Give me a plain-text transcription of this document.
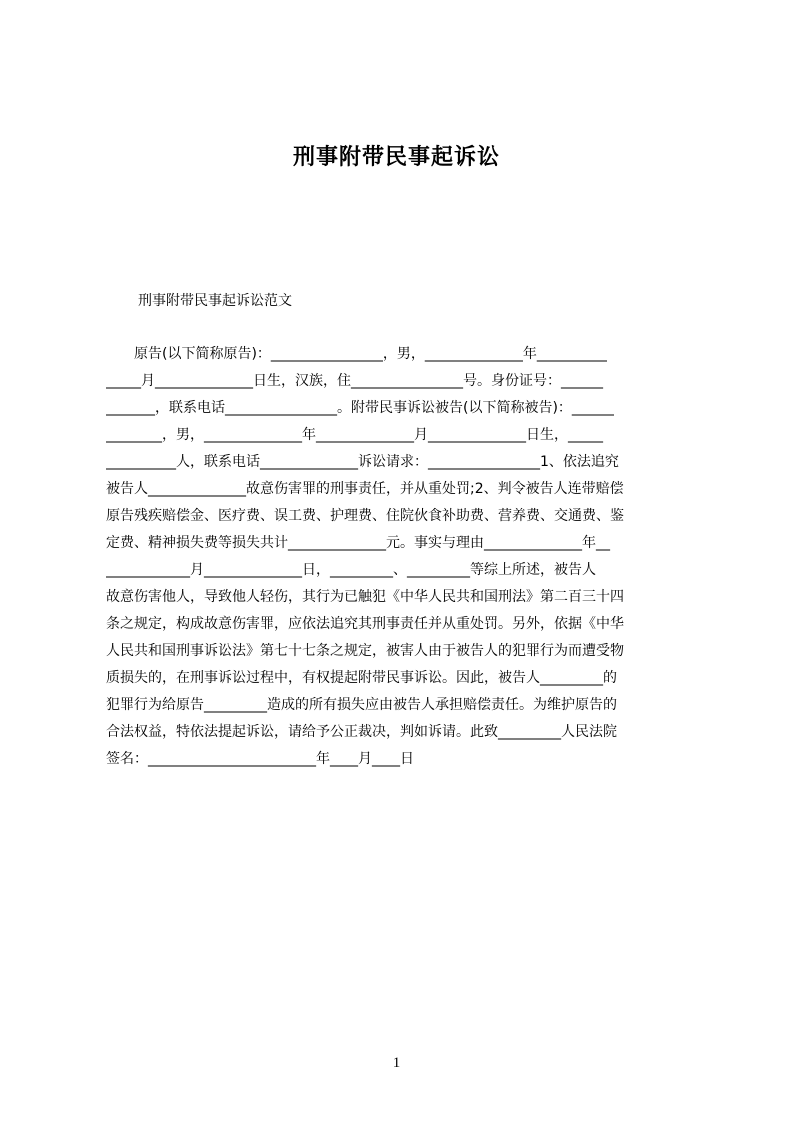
刑事附带民事起诉讼
刑事附带民事起诉讼范文
　　原告(以下简称原告)：________________，男，______________年__________
_____月______________日生，汉族，住________________号。身份证号：______
_______，联系电话________________。附带民事诉讼被告(以下简称被告)：______
________，男，______________年______________月______________日生，_____
__________人，联系电话______________诉讼请求：________________1、依法追究
被告人______________故意伤害罪的刑事责任，并从重处罚;2、判令被告人连带赔偿
原告残疾赔偿金、医疗费、误工费、护理费、住院伙食补助费、营养费、交通费、鉴
定费、精神损失费等损失共计______________元。事实与理由______________年__
____________月______________日，_________、_________等综上所述，被告人
故意伤害他人，导致他人轻伤，其行为已触犯《中华人民共和国刑法》第二百三十四
条之规定，构成故意伤害罪，应依法追究其刑事责任并从重处罚。另外，依据《中华
人民共和国刑事诉讼法》第七十七条之规定，被害人由于被告人的犯罪行为而遭受物
质损失的，在刑事诉讼过程中，有权提起附带民事诉讼。因此，被告人_________的
犯罪行为给原告_________造成的所有损失应由被告人承担赔偿责任。为维护原告的
合法权益，特依法提起诉讼，请给予公正裁决，判如诉请。此致_________人民法院
签名：________________________年____月____日
1
